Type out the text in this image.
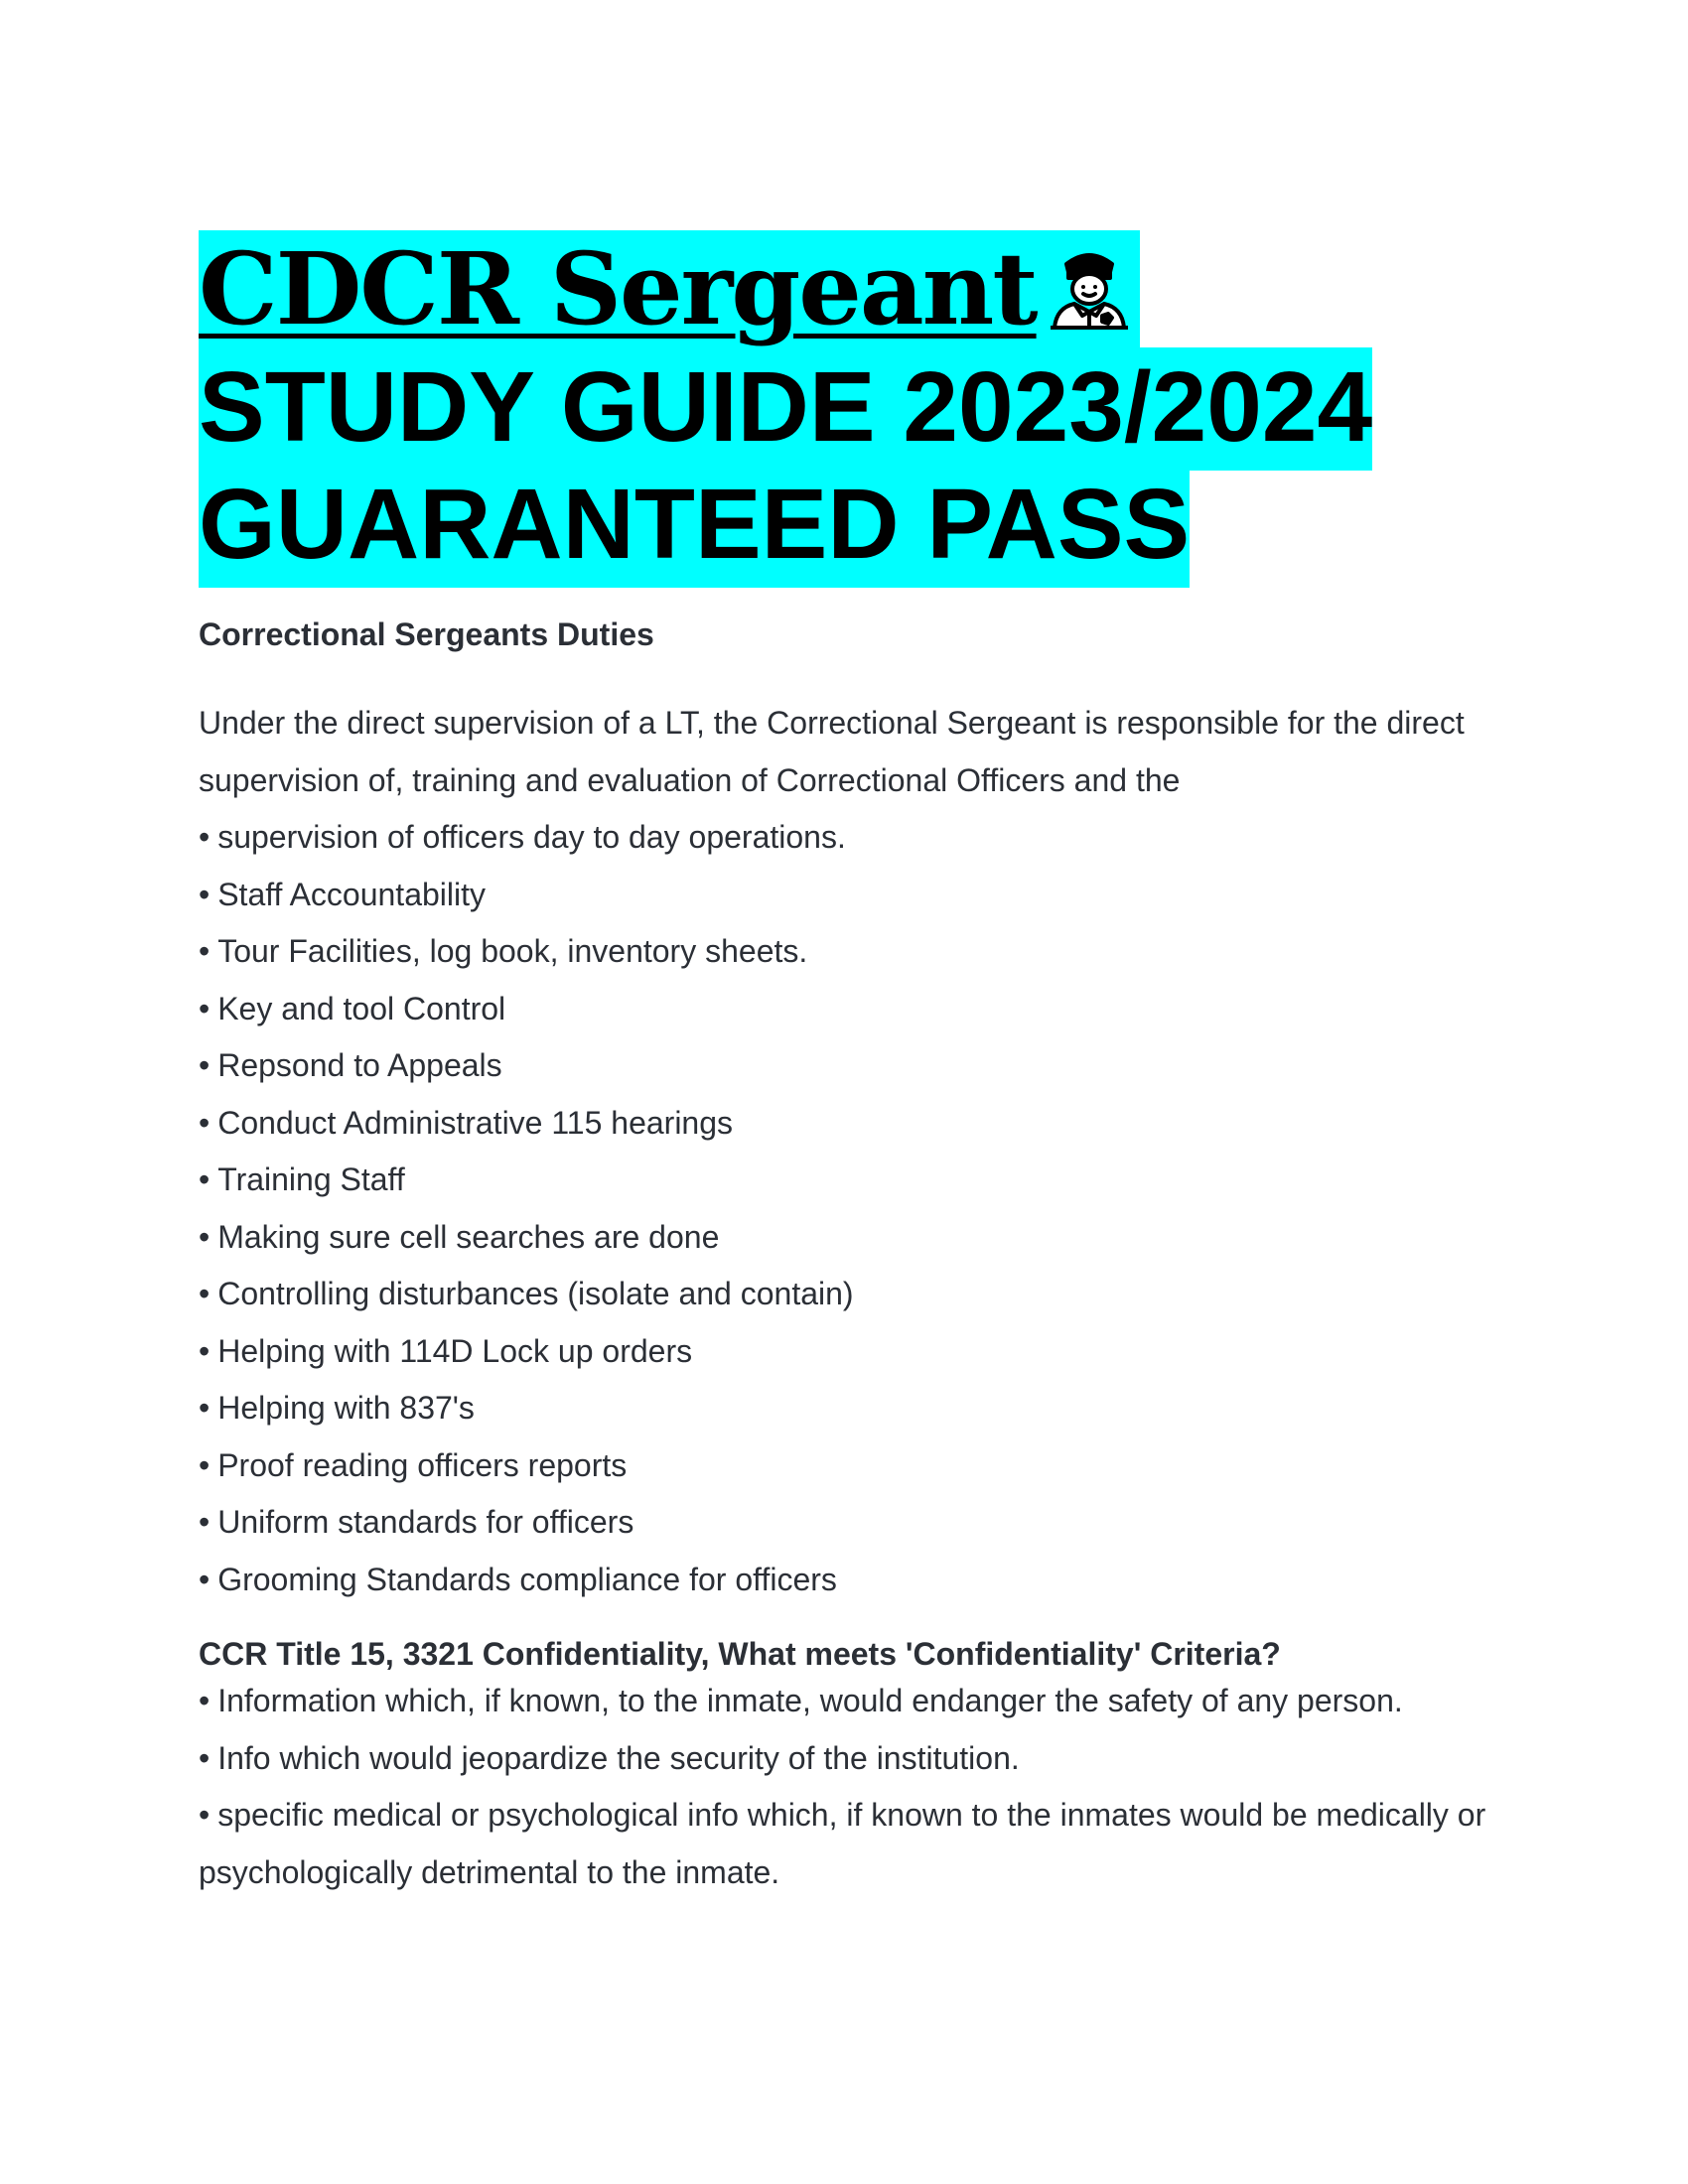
CDCR Sergeant STUDY GUIDE 2023/2024 GUARANTEED PASS

Correctional Sergeants Duties

Under the direct supervision of a LT, the Correctional Sergeant is responsible for the direct supervision of, training and evaluation of Correctional Officers and the

• supervision of officers day to day operations.
• Staff Accountability
• Tour Facilities, log book, inventory sheets.
• Key and tool Control
• Repsond to Appeals
• Conduct Administrative 115 hearings
• Training Staff
• Making sure cell searches are done
• Controlling disturbances (isolate and contain)
• Helping with 114D Lock up orders
• Helping with 837's
• Proof reading officers reports
• Uniform standards for officers
• Grooming Standards compliance for officers

CCR Title 15, 3321 Confidentiality, What meets 'Confidentiality' Criteria?

• Information which, if known, to the inmate, would endanger the safety of any person.
• Info which would jeopardize the security of the institution.
• specific medical or psychological info which, if known to the inmates would be medically or psychologically detrimental to the inmate.
